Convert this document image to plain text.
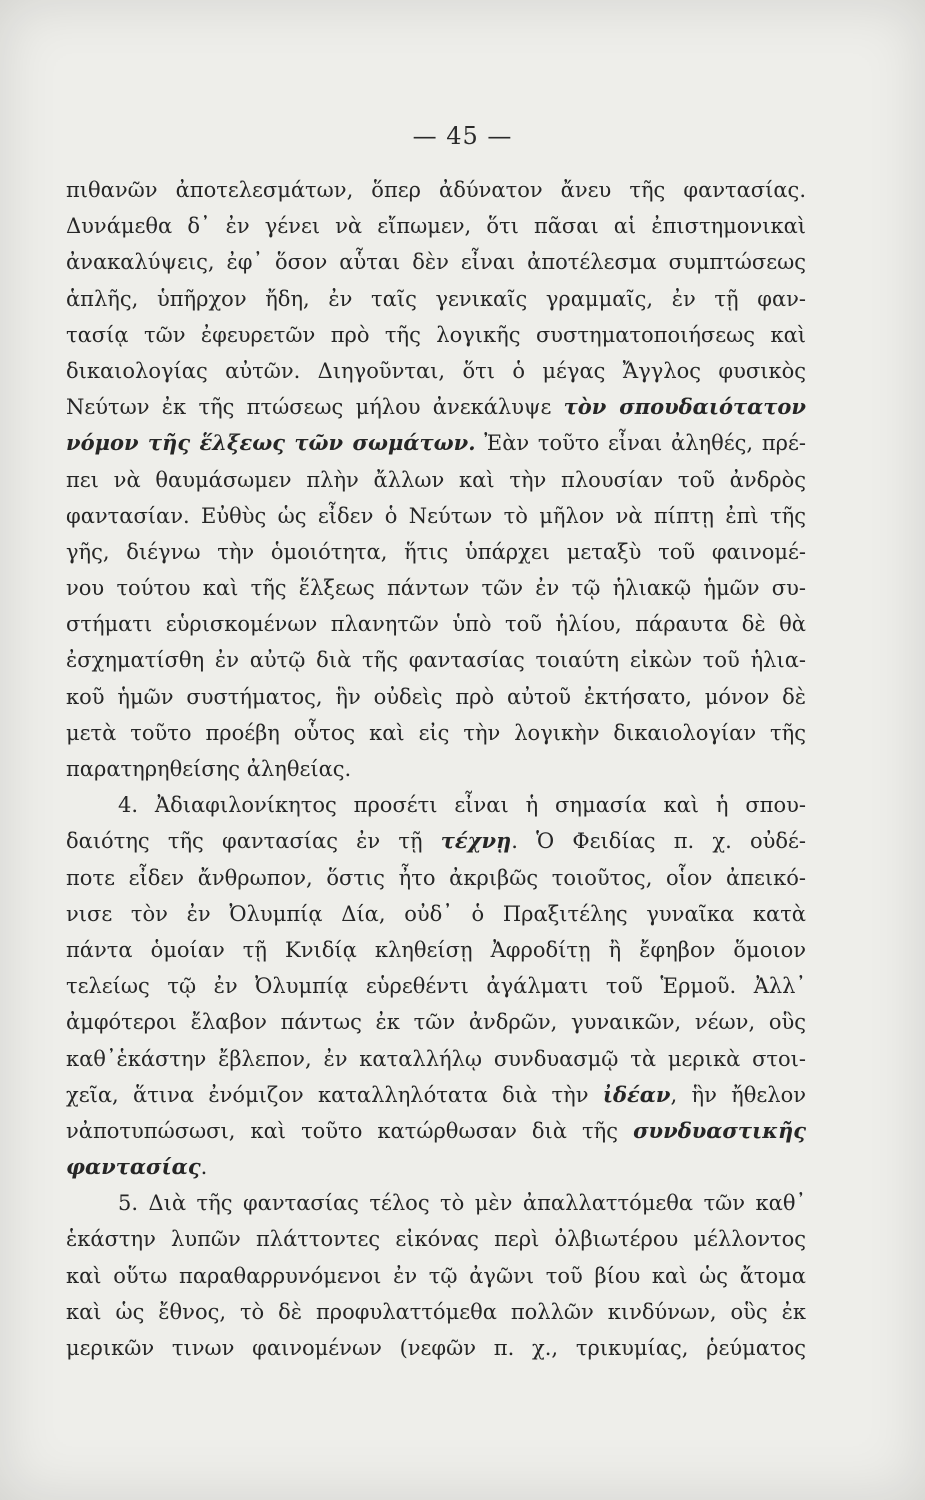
— 45 —
πιθανῶν ἀποτελεσμάτων, ὅπερ ἀδύνατον ἄνευ τῆς φαντασίας.
Δυνάμεθα δ᾽ ἐν γένει νὰ εἴπωμεν, ὅτι πᾶσαι αἱ ἐπιστημονικαὶ
ἀνακαλύψεις, ἐφ᾽ ὅσον αὗται δὲν εἶναι ἀποτέλεσμα συμπτώσεως
ἁπλῆς, ὑπῆρχον ἤδη, ἐν ταῖς γενικαῖς γραμμαῖς, ἐν τῇ φαν-
τασίᾳ τῶν ἐφευρετῶν πρὸ τῆς λογικῆς συστηματοποιήσεως καὶ
δικαιολογίας αὐτῶν. Διηγοῦνται, ὅτι ὁ μέγας Ἄγγλος φυσικὸς
Νεύτων ἐκ τῆς πτώσεως μήλου ἀνεκάλυψε τὸν σπουδαιότατον
νόμον τῆς ἕλξεως τῶν σωμάτων. Ἐὰν τοῦτο εἶναι ἀληθές, πρέ-
πει νὰ θαυμάσωμεν πλὴν ἄλλων καὶ τὴν πλουσίαν τοῦ ἀνδρὸς
φαντασίαν. Εὐθὺς ὡς εἶδεν ὁ Νεύτων τὸ μῆλον νὰ πίπτῃ ἐπὶ τῆς
γῆς, διέγνω τὴν ὁμοιότητα, ἥτις ὑπάρχει μεταξὺ τοῦ φαινομέ-
νου τούτου καὶ τῆς ἕλξεως πάντων τῶν ἐν τῷ ἡλιακῷ ἡμῶν συ-
στήματι εὑρισκομένων πλανητῶν ὑπὸ τοῦ ἡλίου, πάραυτα δὲ θὰ
ἐσχηματίσθη ἐν αὐτῷ διὰ τῆς φαντασίας τοιαύτη εἰκὼν τοῦ ἡλια-
κοῦ ἡμῶν συστήματος, ἣν οὐδεὶς πρὸ αὐτοῦ ἐκτήσατο, μόνον δὲ
μετὰ τοῦτο προέβη οὗτος καὶ εἰς τὴν λογικὴν δικαιολογίαν τῆς
παρατηρηθείσης ἀληθείας.
4. Ἀδιαφιλονίκητος προσέτι εἶναι ἡ σημασία καὶ ἡ σπου-
δαιότης τῆς φαντασίας ἐν τῇ τέχνῃ. Ὁ Φειδίας π. χ. οὐδέ-
ποτε εἶδεν ἄνθρωπον, ὅστις ἦτο ἀκριβῶς τοιοῦτος, οἷον ἀπεικό-
νισε τὸν ἐν Ὀλυμπίᾳ Δία, οὐδ᾽ ὁ Πραξιτέλης γυναῖκα κατὰ
πάντα ὁμοίαν τῇ Κνιδίᾳ κληθείσῃ Ἀφροδίτῃ ἢ ἔφηβον ὅμοιον
τελείως τῷ ἐν Ὀλυμπίᾳ εὑρεθέντι ἀγάλματι τοῦ Ἑρμοῦ. Ἀλλ᾽
ἀμφότεροι ἔλαβον πάντως ἐκ τῶν ἀνδρῶν, γυναικῶν, νέων, οὓς
καθ᾽ἑκάστην ἔβλεπον, ἐν καταλλήλῳ συνδυασμῷ τὰ μερικὰ στοι-
χεῖα, ἅτινα ἐνόμιζον καταλληλότατα διὰ τὴν ἰδέαν, ἣν ἤθελον
νἀποτυπώσωσι, καὶ τοῦτο κατώρθωσαν διὰ τῆς συνδυαστικῆς
φαντασίας.
5. Διὰ τῆς φαντασίας τέλος τὸ μὲν ἀπαλλαττόμεθα τῶν καθ᾽
ἑκάστην λυπῶν πλάττοντες εἰκόνας περὶ ὀλβιωτέρου μέλλοντος
καὶ οὕτω παραθαρρυνόμενοι ἐν τῷ ἀγῶνι τοῦ βίου καὶ ὡς ἄτομα
καὶ ὡς ἔθνος, τὸ δὲ προφυλαττόμεθα πολλῶν κινδύνων, οὓς ἐκ
μερικῶν τινων φαινομένων (νεφῶν π. χ., τρικυμίας, ῥεύματος
